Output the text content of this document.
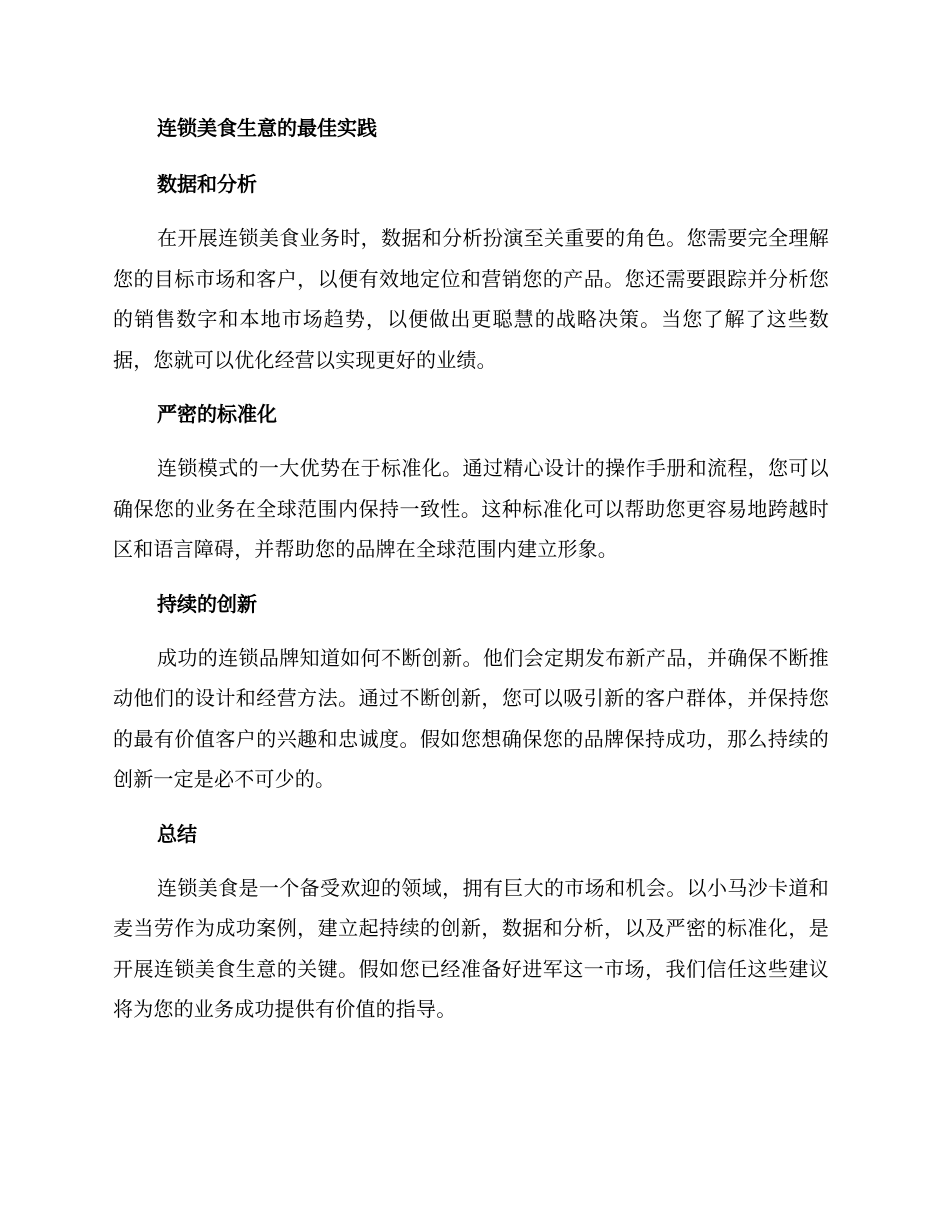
连锁美食生意的最佳实践
数据和分析

在开展连锁美食业务时，数据和分析扮演至关重要的角色。您需要完全理解您的目标市场和客户，以便有效地定位和营销您的产品。您还需要跟踪并分析您的销售数字和本地市场趋势，以便做出更聪慧的战略决策。当您了解了这些数据，您就可以优化经营以实现更好的业绩。

严密的标准化

连锁模式的一大优势在于标准化。通过精心设计的操作手册和流程，您可以确保您的业务在全球范围内保持一致性。这种标准化可以帮助您更容易地跨越时区和语言障碍，并帮助您的品牌在全球范围内建立形象。

持续的创新

成功的连锁品牌知道如何不断创新。他们会定期发布新产品，并确保不断推动他们的设计和经营方法。通过不断创新，您可以吸引新的客户群体，并保持您的最有价值客户的兴趣和忠诚度。假如您想确保您的品牌保持成功，那么持续的创新一定是必不可少的。

总结

连锁美食是一个备受欢迎的领域，拥有巨大的市场和机会。以小马沙卡道和麦当劳作为成功案例，建立起持续的创新，数据和分析，以及严密的标准化，是开展连锁美食生意的关键。假如您已经准备好进军这一市场，我们信任这些建议将为您的业务成功提供有价值的指导。
